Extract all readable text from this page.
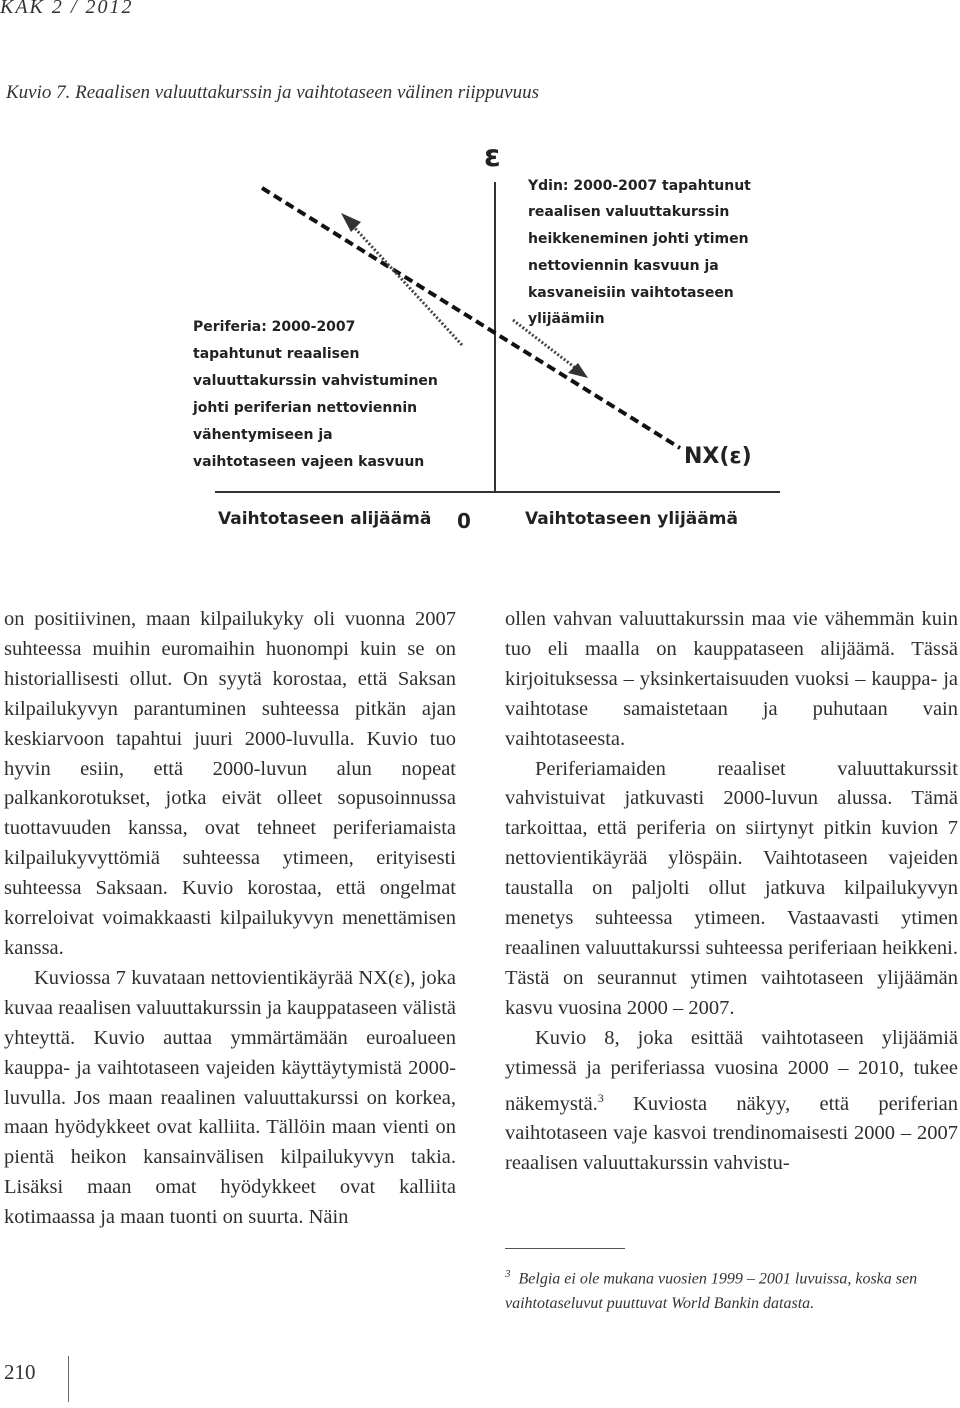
KAK 2 / 2012
Kuvio 7. Reaalisen valuuttakurssin ja vaihtotaseen välinen riippuvuus
ε
NX(ε)
0
Vaihtotaseen alijäämä	Vaihtotaseen ylijäämä
Ydin: 2000-2007 tapahtunut
reaalisen valuuttakurssin
heikkeneminen johti ytimen
nettoviennin kasvuun ja
kasvaneisiin vaihtotaseen
ylijäämiin
Periferia: 2000-2007
tapahtunut reaalisen
valuuttakurssin vahvistuminen
johti periferian nettoviennin
vähentymiseen ja
vaihtotaseen vajeen kasvuun

on positiivinen, maan kilpailukyky oli vuonna 2007 suhteessa muihin euromaihin huonompi kuin se on historiallisesti ollut. On syytä korostaa, että Saksan kilpailukyvyn parantuminen suhteessa pitkän ajan keskiarvoon tapahtui juuri 2000-luvulla. Kuvio tuo hyvin esiin, että 2000-luvun alun nopeat palkankorotukset, jotka eivät olleet sopusoinnussa tuottavuuden kanssa, ovat tehneet periferiamaista kilpailukyvyttömiä suhteessa ytimeen, erityisesti suhteessa Saksaan. Kuvio korostaa, että ongelmat korreloivat voimakkaasti kilpailukyvyn menettämisen kanssa.

Kuviossa 7 kuvataan nettovientikäyrää NX(ε), joka kuvaa reaalisen valuuttakurssin ja kauppataseen välistä yhteyttä. Kuvio auttaa ymmärtämään euroalueen kauppa- ja vaihtotaseen vajeiden käyttäytymistä 2000-luvulla. Jos maan reaalinen valuuttakurssi on korkea, maan hyödykkeet ovat kalliita. Tällöin maan vienti on pientä heikon kansainvälisen kilpailukyvyn takia. Lisäksi maan omat hyödykkeet ovat kalliita kotimaassa ja maan tuonti on suurta. Näin

ollen vahvan valuuttakurssin maa vie vähemmän kuin tuo eli maalla on kauppataseen alijäämä. Tässä kirjoituksessa – yksinkertaisuuden vuoksi – kauppa- ja vaihtotase samaistetaan ja puhutaan vain vaihtotaseesta.

Periferiamaiden reaaliset valuuttakurssit vahvistuivat jatkuvasti 2000-luvun alussa. Tämä tarkoittaa, että periferia on siirtynyt pitkin kuvion 7 nettovientikäyrää ylöspäin. Vaihtotaseen vajeiden taustalla on paljolti ollut jatkuva kilpailukyvyn menetys suhteessa ytimeen. Vastaavasti ytimen reaalinen valuuttakurssi suhteessa periferiaan heikkeni. Tästä on seurannut ytimen vaihtotaseen ylijäämän kasvu vuosina 2000 – 2007.

Kuvio 8, joka esittää vaihtotaseen ylijäämiä ytimessä ja periferiassa vuosina 2000 – 2010, tukee näkemystä.$^3$ Kuviosta näkyy, että periferian vaihtotaseen vaje kasvoi trendinomaisesti 2000 – 2007 reaalisen valuuttakurssin vahvistu-

$^3$ Belgia ei ole mukana vuosien 1999 – 2001 luvuissa, koska sen vaihtotaseluvut puuttuvat World Bankin datasta.
210
